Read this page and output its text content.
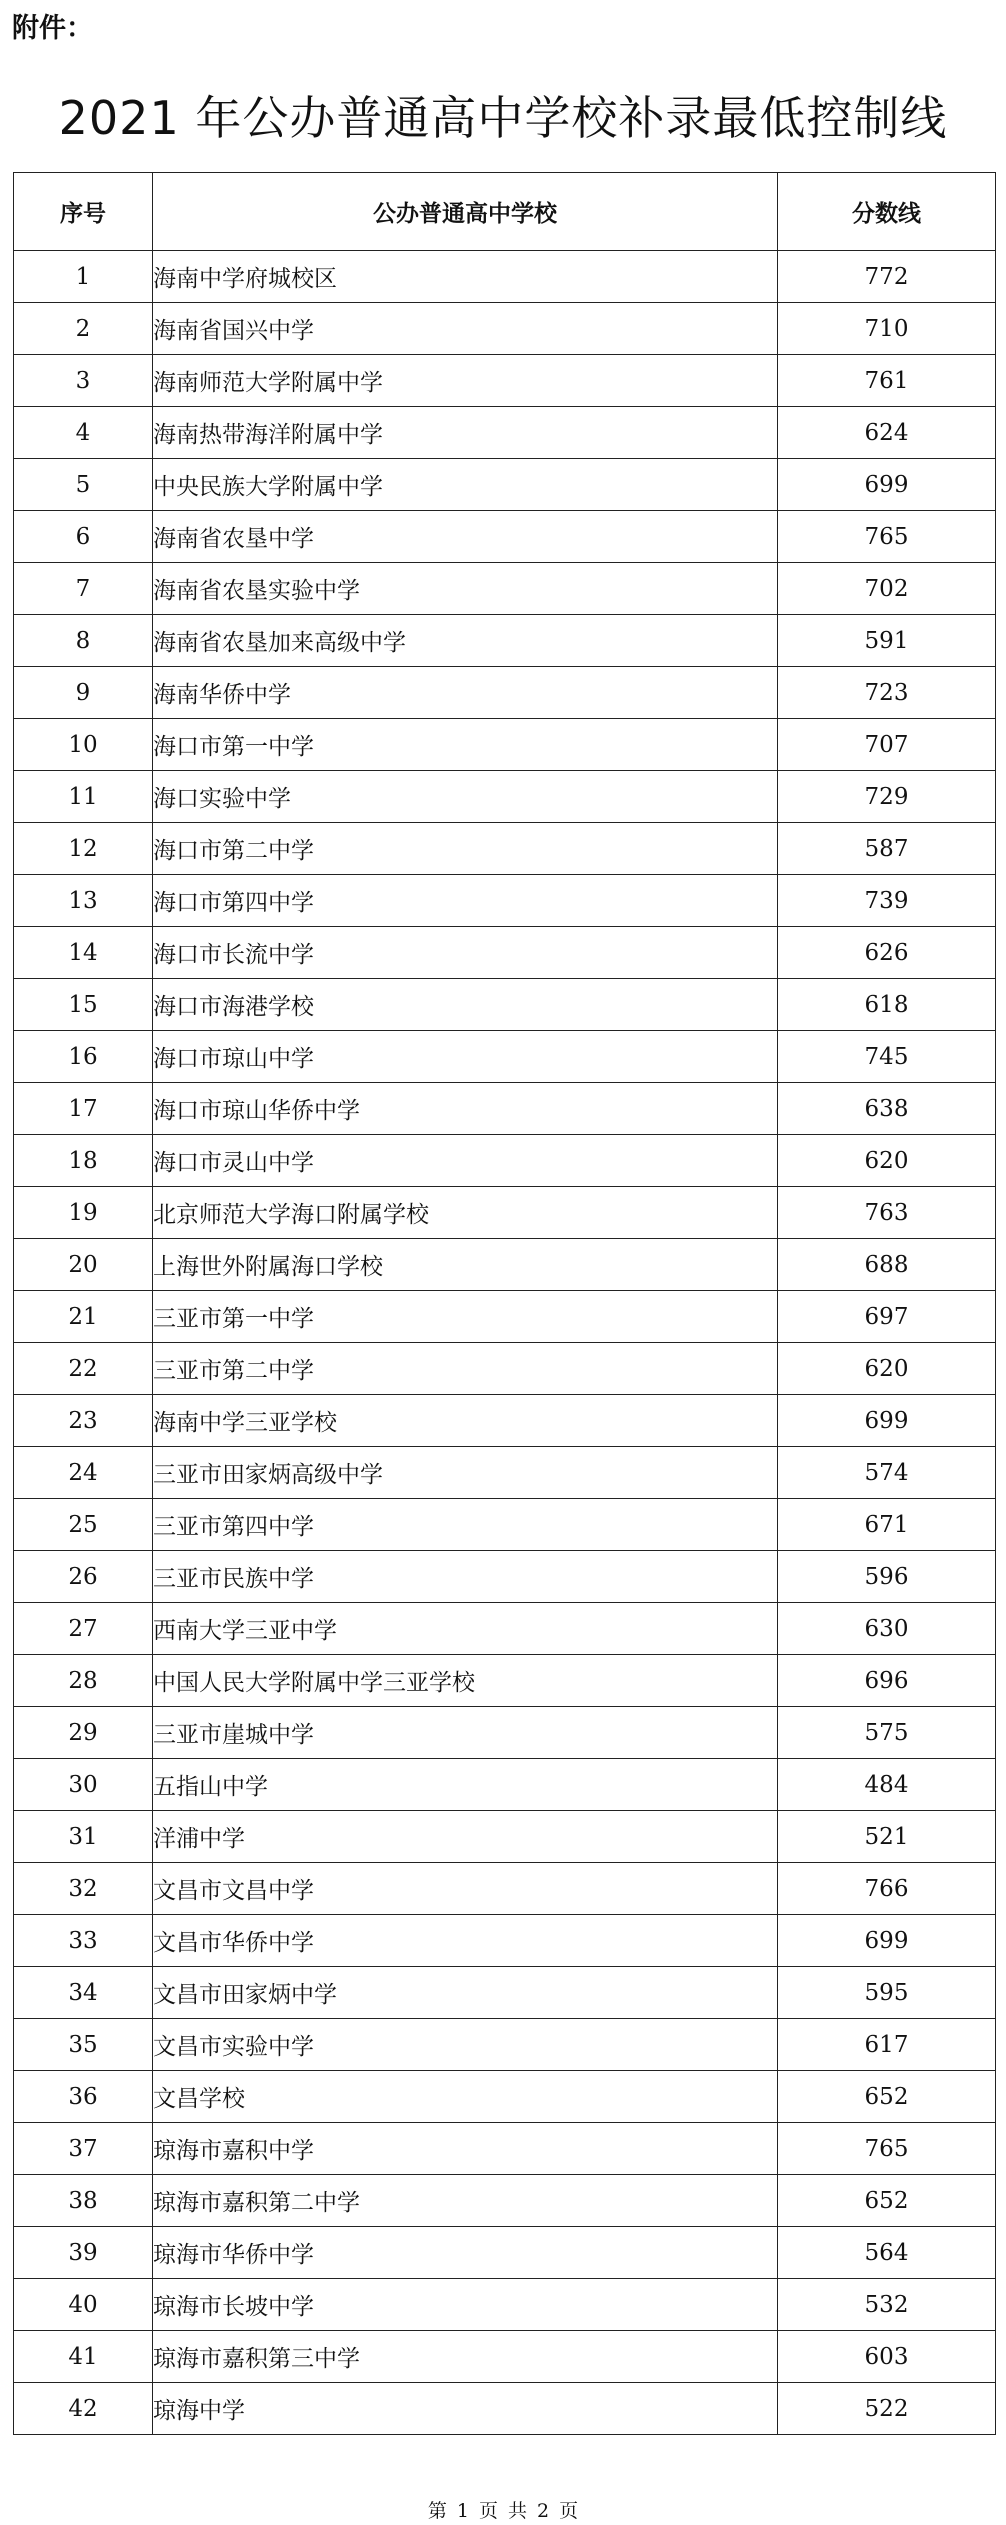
附件：
2021 年公办普通高中学校补录最低控制线
序号	公办普通高中学校	分数线
1	海南中学府城校区	772
2	海南省国兴中学	710
3	海南师范大学附属中学	761
4	海南热带海洋附属中学	624
5	中央民族大学附属中学	699
6	海南省农垦中学	765
7	海南省农垦实验中学	702
8	海南省农垦加来高级中学	591
9	海南华侨中学	723
10	海口市第一中学	707
11	海口实验中学	729
12	海口市第二中学	587
13	海口市第四中学	739
14	海口市长流中学	626
15	海口市海港学校	618
16	海口市琼山中学	745
17	海口市琼山华侨中学	638
18	海口市灵山中学	620
19	北京师范大学海口附属学校	763
20	上海世外附属海口学校	688
21	三亚市第一中学	697
22	三亚市第二中学	620
23	海南中学三亚学校	699
24	三亚市田家炳高级中学	574
25	三亚市第四中学	671
26	三亚市民族中学	596
27	西南大学三亚中学	630
28	中国人民大学附属中学三亚学校	696
29	三亚市崖城中学	575
30	五指山中学	484
31	洋浦中学	521
32	文昌市文昌中学	766
33	文昌市华侨中学	699
34	文昌市田家炳中学	595
35	文昌市实验中学	617
36	文昌学校	652
37	琼海市嘉积中学	765
38	琼海市嘉积第二中学	652
39	琼海市华侨中学	564
40	琼海市长坡中学	532
41	琼海市嘉积第三中学	603
42	琼海中学	522
第 1 页 共 2 页
